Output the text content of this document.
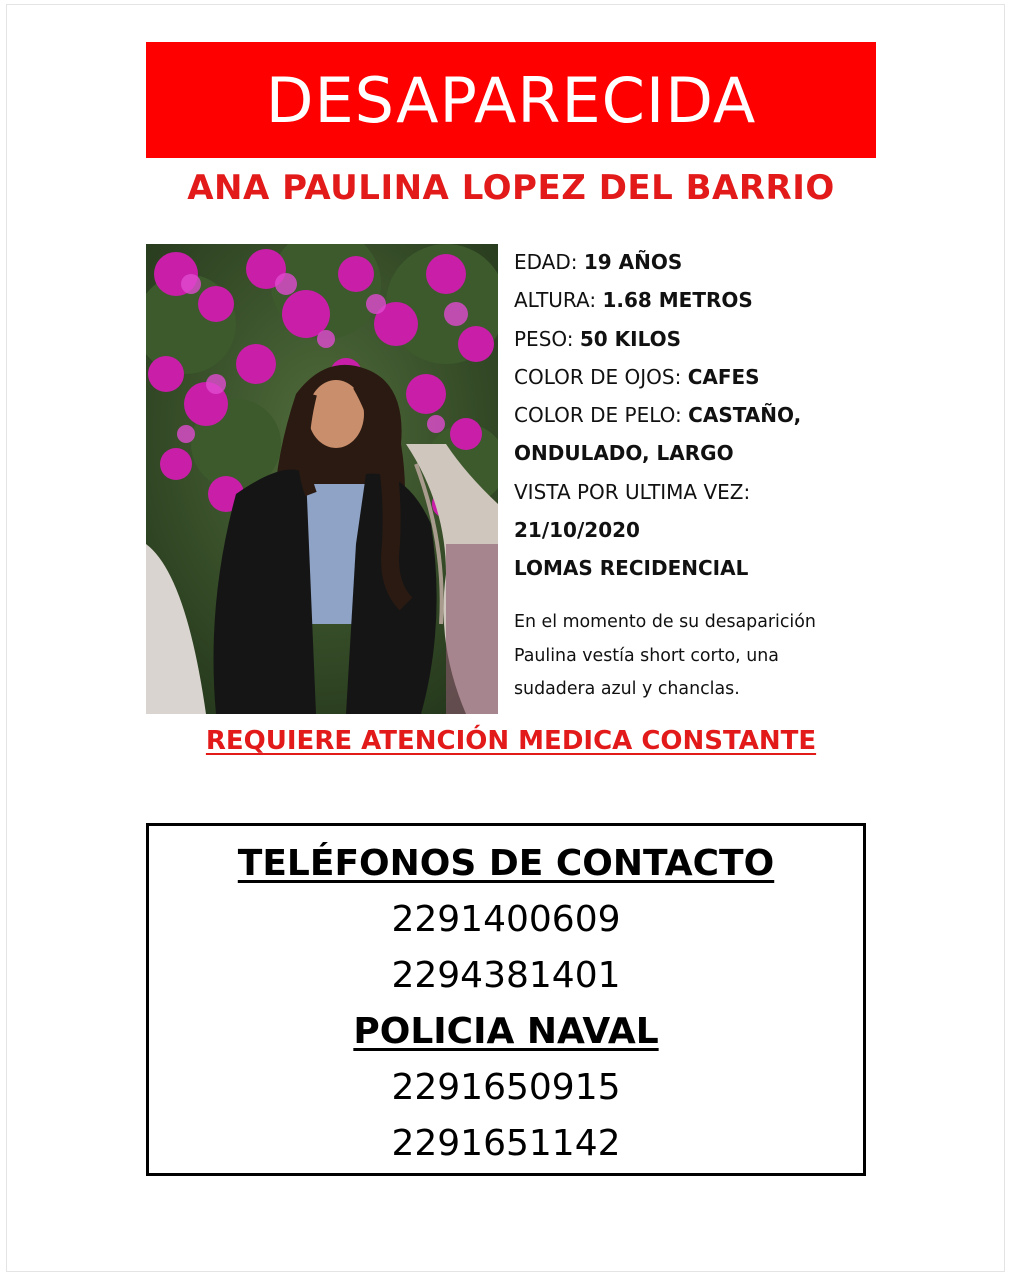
DESAPARECIDA
ANA PAULINA LOPEZ DEL BARRIO
EDAD: 19 AÑOS
ALTURA: 1.68 METROS
PESO: 50 KILOS
COLOR DE OJOS: CAFES
COLOR DE PELO: CASTAÑO,
ONDULADO, LARGO
VISTA POR ULTIMA VEZ:
21/10/2020
LOMAS RECIDENCIAL
En el momento de su desaparición
Paulina vestía short corto, una
sudadera azul y chanclas.
REQUIERE ATENCIÓN MEDICA CONSTANTE
TELÉFONOS DE CONTACTO
2291400609
2294381401
POLICIA NAVAL
2291650915
2291651142
